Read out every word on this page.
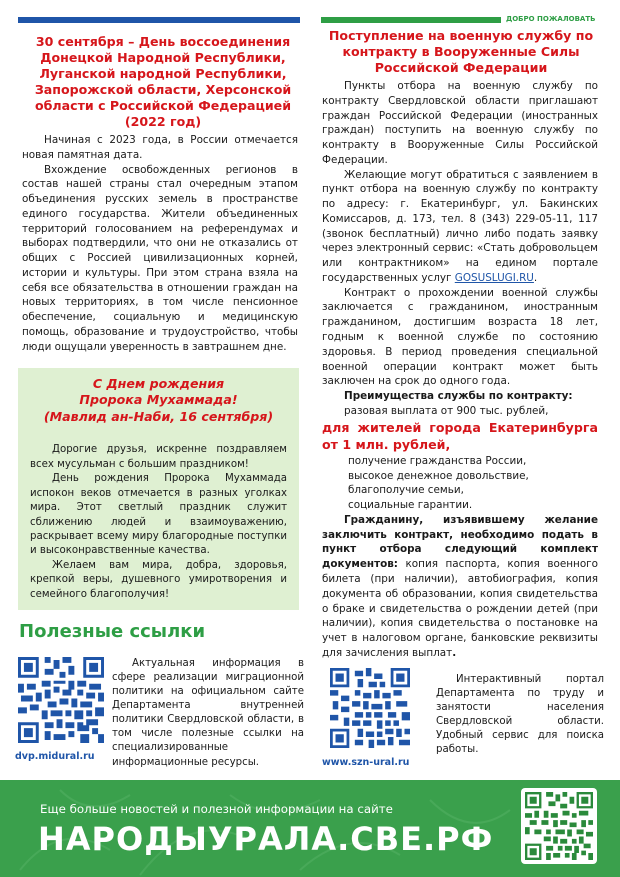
ДОБРО ПОЖАЛОВАТЬ
30 сентября – День воссоединения Донецкой Народной Республики, Луганской народной Республики, Запорожской области, Херсонской области с Российской Федерацией (2022 год)

Начиная с 2023 года, в России отмечается новая памятная дата.

Вхождение освобожденных регионов в состав нашей страны стал очередным этапом объединения русских земель в пространстве единого государства. Жители объединенных территорий голосованием на референдумах и выборах подтвердили, что они не отказались от общих с Россией цивилизационных корней, истории и культуры. При этом страна взяла на себя все обязательства в отношении граждан на новых территориях, в том числе пенсионное обеспечение, социальную и медицинскую помощь, образование и трудоустройство, чтобы люди ощущали уверенность в завтрашнем дне.

С Днем рождения
Пророка Мухаммада!
(Мавлид ан-Наби, 16 сентября)

Дорогие друзья, искренне поздравляем всех мусульман с большим праздником!

День рождения Пророка Мухаммада испокон веков отмечается в разных уголках мира. Этот светлый праздник служит сближению людей и взаимоуважению, раскрывает всему миру благородные поступки и высоконравственные качества.

Желаем вам мира, добра, здоровья, крепкой веры, душевного умиротворения и семейного благополучия!

Полезные ссылки
dvp.midural.ru
Актуальная информация в сфере реализации миграционной политики на официальном сайте Департамента внутренней политики Свердловской области, в том числе полезные ссылки на специализированные информационные ресурсы.	www.szn-ural.ru
Интерактивный портал Департамента по труду и занятости населения Свердловской области. Удобный сервис для поиска работы.
Поступление на военную службу по контракту в Вооруженные Силы Российской Федерации

Пункты отбора на военную службу по контракту Свердловской области приглашают граждан Российской Федерации (иностранных граждан) поступить на военную службу по контракту в Вооруженные Силы Российской Федерации.

Желающие могут обратиться с заявлением в пункт отбора на военную службу по контракту по адресу: г. Екатеринбург, ул. Бакинских Комиссаров, д. 173, тел. 8 (343) 229-05-11, 117 (звонок бесплатный) лично либо подать заявку через электронный сервис: «Стать добровольцем или контрактником» на едином портале государственных услуг GOSUSLUGI.RU.

Контракт о прохождении военной службы заключается с гражданином, иностранным гражданином, достигшим возраста 18 лет, годным к военной службе по состоянию здоровья. В период проведения специальной военной операции контракт может быть заключен на срок до одного года.

Преимущества службы по контракту:

разовая выплата от 900 тыс. рублей,

для жителей города Екатеринбурга от 1 млн. рублей,

получение гражданства России,
высокое денежное довольствие,
благополучие семьи,
социальные гарантии.

Гражданину, изъявившему желание заключить контракт, необходимо подать в пункт отбора следующий комплект документов: копия паспорта, копия военного билета (при наличии), автобиография, копия документа об образовании, копия свидетельства о браке и свидетельства о рождении детей (при наличии), копия свидетельства о постановке на учет в налоговом органе, банковские реквизиты для зачисления выплат.

Еще больше новостей и полезной информации на сайте
НАРОДЫУРАЛА.СВЕ.РФ
